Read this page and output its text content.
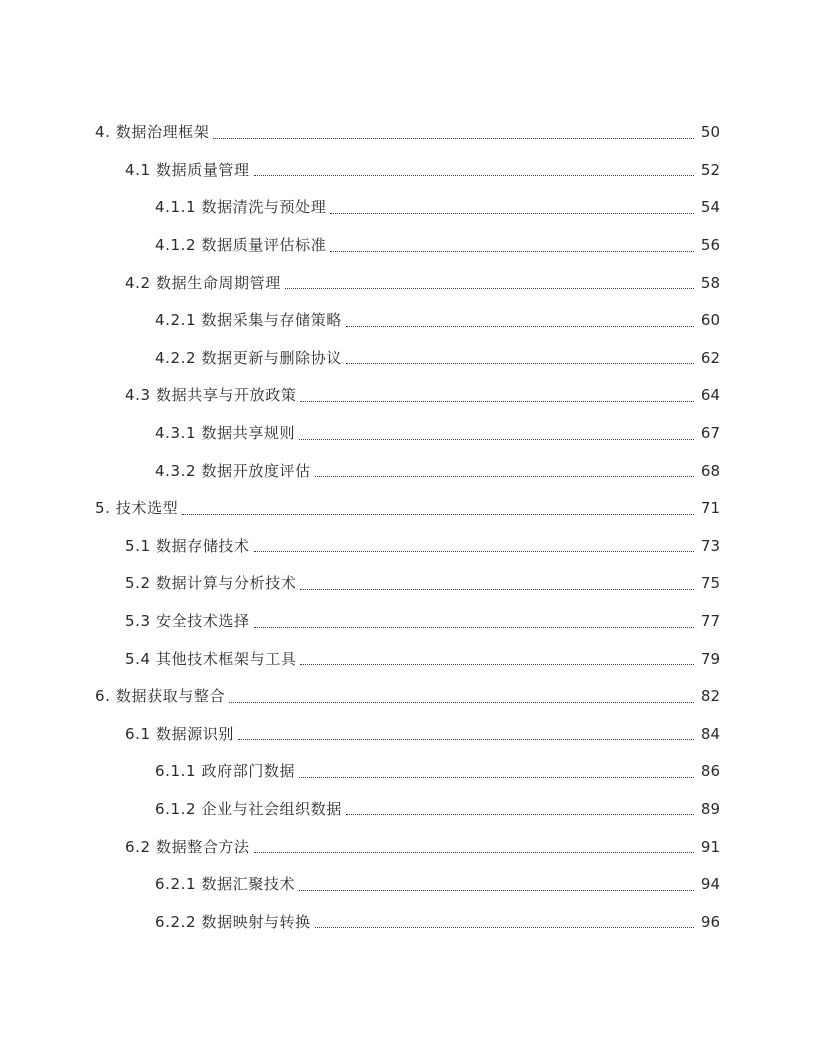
4. 数据治理框架	50
4.1 数据质量管理	52
4.1.1 数据清洗与预处理	54
4.1.2 数据质量评估标准	56
4.2 数据生命周期管理	58
4.2.1 数据采集与存储策略	60
4.2.2 数据更新与删除协议	62
4.3 数据共享与开放政策	64
4.3.1 数据共享规则	67
4.3.2 数据开放度评估	68
5. 技术选型	71
5.1 数据存储技术	73
5.2 数据计算与分析技术	75
5.3 安全技术选择	77
5.4 其他技术框架与工具	79
6. 数据获取与整合	82
6.1 数据源识别	84
6.1.1 政府部门数据	86
6.1.2 企业与社会组织数据	89
6.2 数据整合方法	91
6.2.1 数据汇聚技术	94
6.2.2 数据映射与转换	96
